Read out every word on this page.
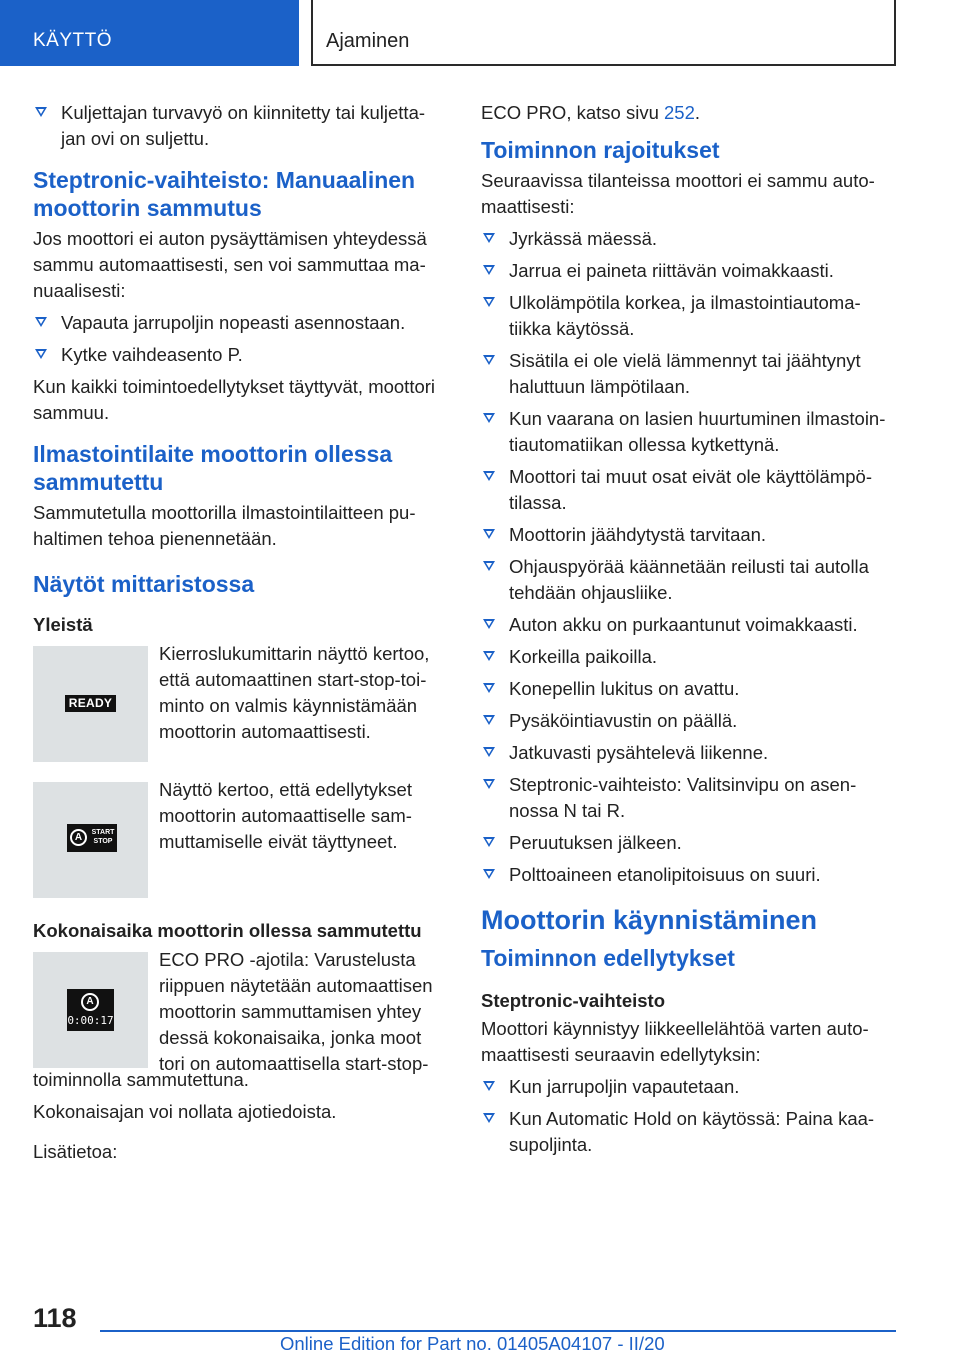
KÄYTTÖ	Ajaminen
Kuljettajan turvavyö on kiinnitetty tai kuljettajan ovi on suljettu.
Steptronic-vaihteisto: Manuaalinen moottorin sammutus

Jos moottori ei auton pysäyttämisen yhteydessä sammu automaattisesti, sen voi sammuttaa manuaalisesti:

Vapauta jarrupoljin nopeasti asennostaan.
Kytke vaihdeasento P.

Kun kaikki toimintoedellytykset täyttyvät, moottori sammuu.

Ilmastointilaite moottorin ollessa sammutettu

Sammutetulla moottorilla ilmastointilaitteen puhaltimen tehoa pienennetään.

Näytöt mittaristossa
Yleistä
READY
Kierroslukumittarin näyttö kertoo, että automaattinen start-stop-toiminto on valmis käynnistämään moottorin automaattisesti.
A	START STOP
Näyttö kertoo, että edellytykset moottorin automaattiselle sammuttamiselle eivät täyttyneet.
Kokonaisaika moottorin ollessa sammutettu
A
0:00:17
ECO PRO -ajotila: Varustelusta
riippuen näytetään automaattisen
moottorin sammuttamisen yhtey
dessä kokonaisaika, jonka moot
tori on automaattisella start-stop-

toiminnolla sammutettuna.

Kokonaisajan voi nollata ajotiedoista.

Lisätietoa:

ECO PRO, katso sivu 252.

Toiminnon rajoitukset

Seuraavissa tilanteissa moottori ei sammu automaattisesti:

Jyrkässä mäessä.
Jarrua ei paineta riittävän voimakkaasti.
Ulkolämpötila korkea, ja ilmastointiautomatiikka käytössä.
Sisätila ei ole vielä lämmennyt tai jäähtynyt haluttuun lämpötilaan.
Kun vaarana on lasien huurtuminen ilmastointiautomatiikan ollessa kytkettynä.
Moottori tai muut osat eivät ole käyttölämpötilassa.
Moottorin jäähdytystä tarvitaan.
Ohjauspyörää käännetään reilusti tai autolla tehdään ohjausliike.
Auton akku on purkaantunut voimakkaasti.
Korkeilla paikoilla.
Konepellin lukitus on avattu.
Pysäköintiavustin on päällä.
Jatkuvasti pysähtelevä liikenne.
Steptronic-vaihteisto: Valitsinvipu on asennossa N tai R.
Peruutuksen jälkeen.
Polttoaineen etanolipitoisuus on suuri.
Moottorin käynnistäminen
Toiminnon edellytykset
Steptronic-vaihteisto

Moottori käynnistyy liikkeellelähtöä varten automaattisesti seuraavin edellytyksin:

Kun jarrupoljin vapautetaan.
Kun Automatic Hold on käytössä: Paina kaasupoljinta.
118
Online Edition for Part no. 01405A04107 - II/20
